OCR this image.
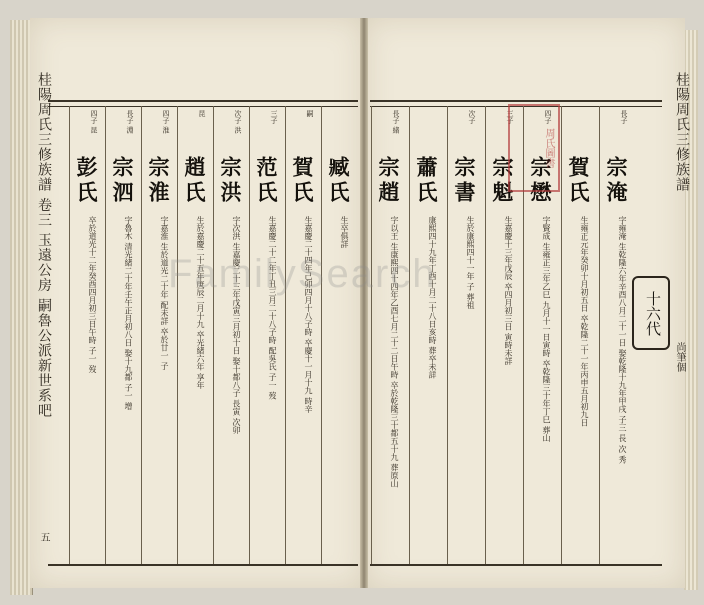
桂陽周氏三修族譜 卷三 玉遠公房 嗣魯公派新世系吧
五
桂陽周氏三修族譜
尚筆個
四子 昆
彭氏
卒於道光十二年癸酉四月初三日午時 子一 歿
長子 淵
宗泗
字魯木 清光緒二十年壬午正月初八日 娶十九都 子一 增
四子 淮
宗淮
字嘉淮 生於道光二十年 配未詳 卒於廿一 子
昆
趙氏
生於嘉慶二十五年庚辰二月十九 卒光緒六年 享年
次子 洪
宗洪
字次洪 生嘉慶二十三年戊寅三月初十日 娶十都八子 長寅 次卯
三子
范氏
生嘉慶二十二年丁丑三月二十八子時 配吳氏 子一 歿
嗣
賀氏
生嘉慶二十四年己卯四月十八子時 卒慶十一月十九 時辛
臧氏
生卒俱詳
長子 緒
宗趙
字以王 生康熙四十四年乙酉七月二十二日午時 卒於乾隆三十都五十九 葬原山
蕭氏
康熙四十九年丁酉十月二十八日亥時 葬卒未詳
次子
宗書
生於康熙四十一年 子 葬祖
三子
宗魁
生嘉慶十三年戊辰 卒四月初三日 寅時未詳
四子
宗懋
字賢成 生雍正三年乙巳 九月十一日寅時 卒乾隆三十年丁巳 葬山
賀氏
生雍正元年癸卯十月初五日 卒乾隆二十一年丙申五月初九日
長子
宗淹
字雍淹 生乾隆六年辛酉八月二十一日 娶乾隆十九年甲戌 子三 長 次 秀	十六代
周氏圖書
FamilySearch
